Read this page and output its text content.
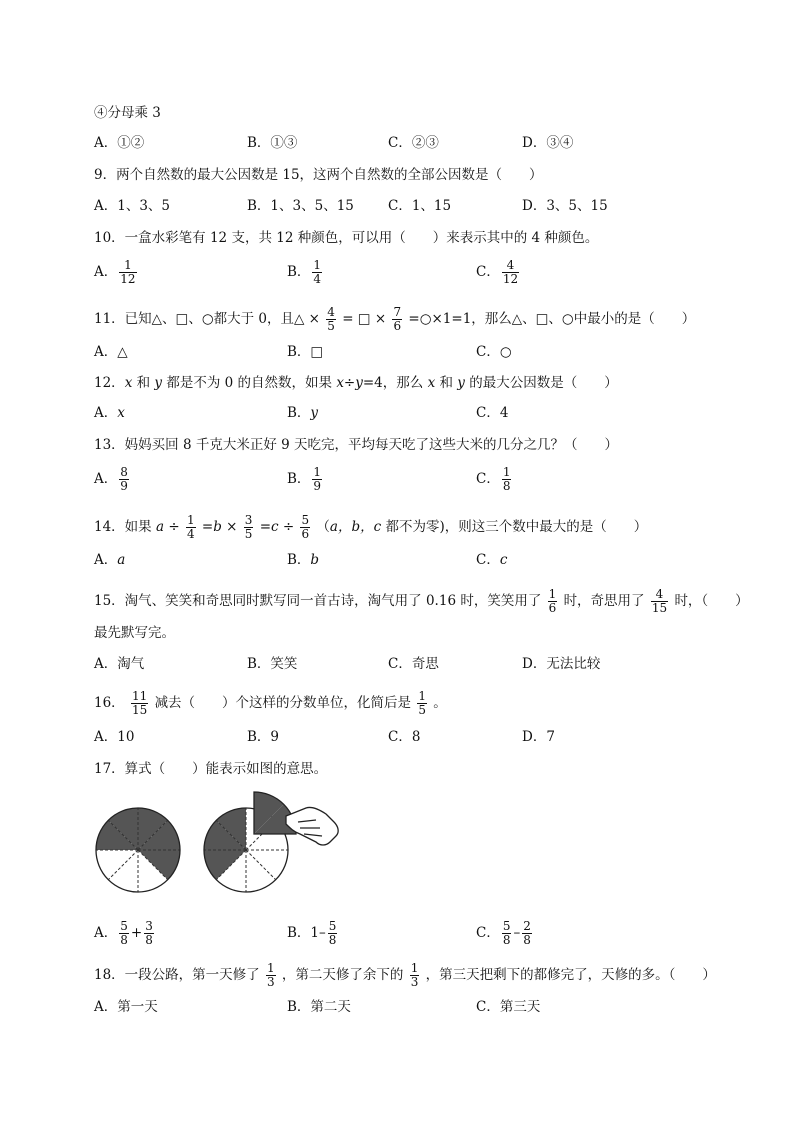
④分母乘 3
A．①②	B．①③	C．②③	D．③④
9．两个自然数的最大公因数是 15，这两个自然数的全部公因数是（　　）
A．1、3、5	B．1、3、5、15	C．1、15	D．3、5、15
10．一盒水彩笔有 12 支，共 12 种颜色，可以用（　　）来表示其中的 4 种颜色。
A． $\frac{1}{12}$	B． $\frac{1}{4}$	C． $\frac{4}{12}$
11．已知△、□、○都大于 0，且△ × $\frac{4}{5}$ = □ × $\frac{7}{6}$ =○×1=1，那么△、□、○中最小的是（　　）
A．△	B．□	C．○
12．x 和 y 都是不为 0 的自然数，如果 x÷y=4，那么 x 和 y 的最大公因数是（　　）
A．x	B．y	C．4
13．妈妈买回 8 千克大米正好 9 天吃完，平均每天吃了这些大米的几分之几？（　　）
A． $\frac{8}{9}$	B． $\frac{1}{9}$	C． $\frac{1}{8}$
14．如果 $a \div \frac{1}{4} =b \times \frac{3}{5} =c \div \frac{5}{6} (a$，b，c 都不为零)，则这三个数中最大的是（　　）
A．a	B．b	C．c
15．淘气、笑笑和奇思同时默写同一首古诗，淘气用了 0.16 时，笑笑用了 $\frac{1}{6}$ 时，奇思用了 $\frac{4}{15}$ 时，（　　）
最先默写完。
A．淘气	B．笑笑	C．奇思	D．无法比较
16． $\frac{11}{15}$ 减去（　　）个这样的分数单位，化简后是 $\frac{1}{5}$ 。
A．10	B．9	C．8	D．7
17．算式（　　）能表示如图的意思。
A． $\frac{5}{8} + \frac{3}{8}$	B．$1- \frac{5}{8}$	C． $\frac{5}{8} - \frac{2}{8}$
18．一段公路，第一天修了 $\frac{1}{3}$ ，第二天修了余下的 $\frac{1}{3}$ ，第三天把剩下的都修完了，天修的多。（　　）
A．第一天	B．第二天	C．第三天
